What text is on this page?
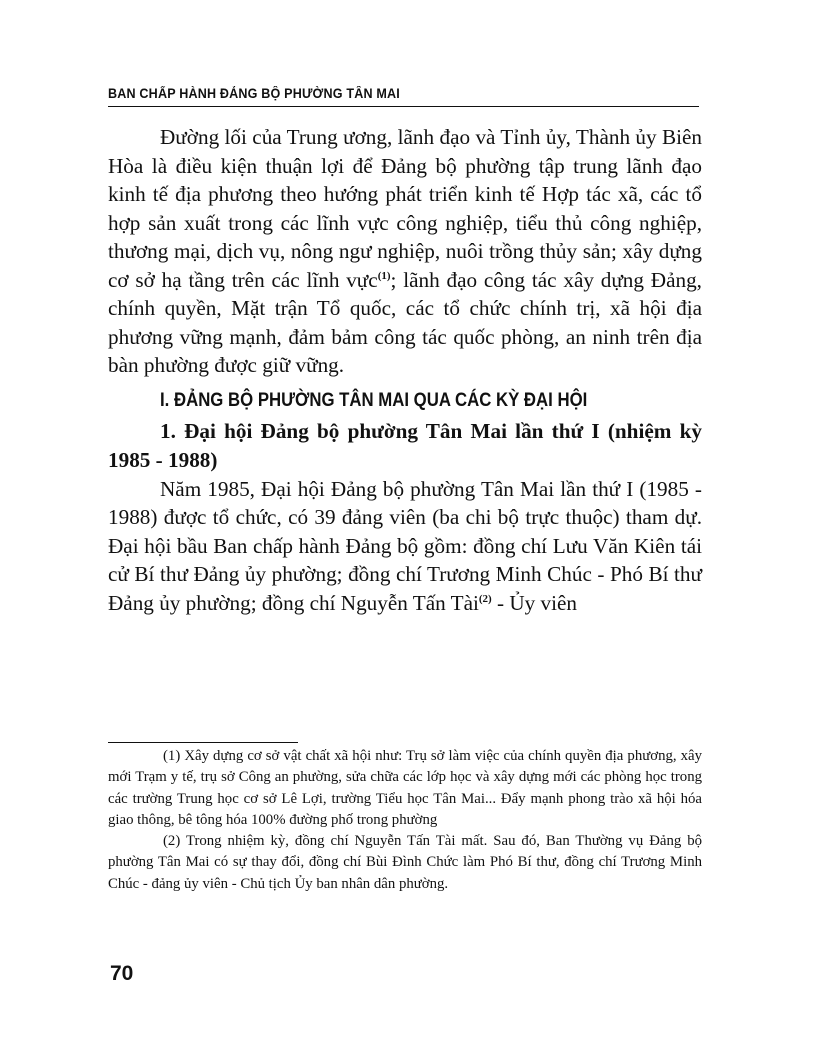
BAN CHẤP HÀNH ĐẢNG BỘ PHƯỜNG TÂN MAI

Đường lối của Trung ương, lãnh đạo và Tỉnh ủy, Thành ủy Biên Hòa là điều kiện thuận lợi để Đảng bộ phường tập trung lãnh đạo kinh tế địa phương theo hướng phát triển kinh tế Hợp tác xã, các tổ hợp sản xuất trong các lĩnh vực công nghiệp, tiểu thủ công nghiệp, thương mại, dịch vụ, nông ngư nghiệp, nuôi trồng thủy sản; xây dựng cơ sở hạ tầng trên các lĩnh vực$^{(1)}$; lãnh đạo công tác xây dựng Đảng, chính quyền, Mặt trận Tổ quốc, các tổ chức chính trị, xã hội địa phương vững mạnh, đảm bảm công tác quốc phòng, an ninh trên địa bàn phường được giữ vững.

I. ĐẢNG BỘ PHƯỜNG TÂN MAI QUA CÁC KỲ ĐẠI HỘI

1. Đại hội Đảng bộ phường Tân Mai lần thứ I (nhiệm kỳ 1985 - 1988)

Năm 1985, Đại hội Đảng bộ phường Tân Mai lần thứ I (1985 - 1988) được tổ chức, có 39 đảng viên (ba chi bộ trực thuộc) tham dự. Đại hội bầu Ban chấp hành Đảng bộ gồm: đồng chí Lưu Văn Kiên tái cử Bí thư Đảng ủy phường; đồng chí Trương Minh Chúc - Phó Bí thư Đảng ủy phường; đồng chí Nguyễn Tấn Tài$^{(2)}$ - Ủy viên

(1) Xây dựng cơ sở vật chất xã hội như: Trụ sở làm việc của chính quyền địa phương, xây mới Trạm y tế, trụ sở Công an phường, sửa chữa các lớp học và xây dựng mới các phòng học trong các trường Trung học cơ sở Lê Lợi, trường Tiểu học Tân Mai... Đẩy mạnh phong trào xã hội hóa giao thông, bê tông hóa 100% đường phố trong phường

(2) Trong nhiệm kỳ, đồng chí Nguyễn Tấn Tài mất. Sau đó, Ban Thường vụ Đảng bộ phường Tân Mai có sự thay đổi, đồng chí Bùi Đình Chức làm Phó Bí thư, đồng chí Trương Minh Chúc - đảng ủy viên - Chủ tịch Ủy ban nhân dân phường.

70
